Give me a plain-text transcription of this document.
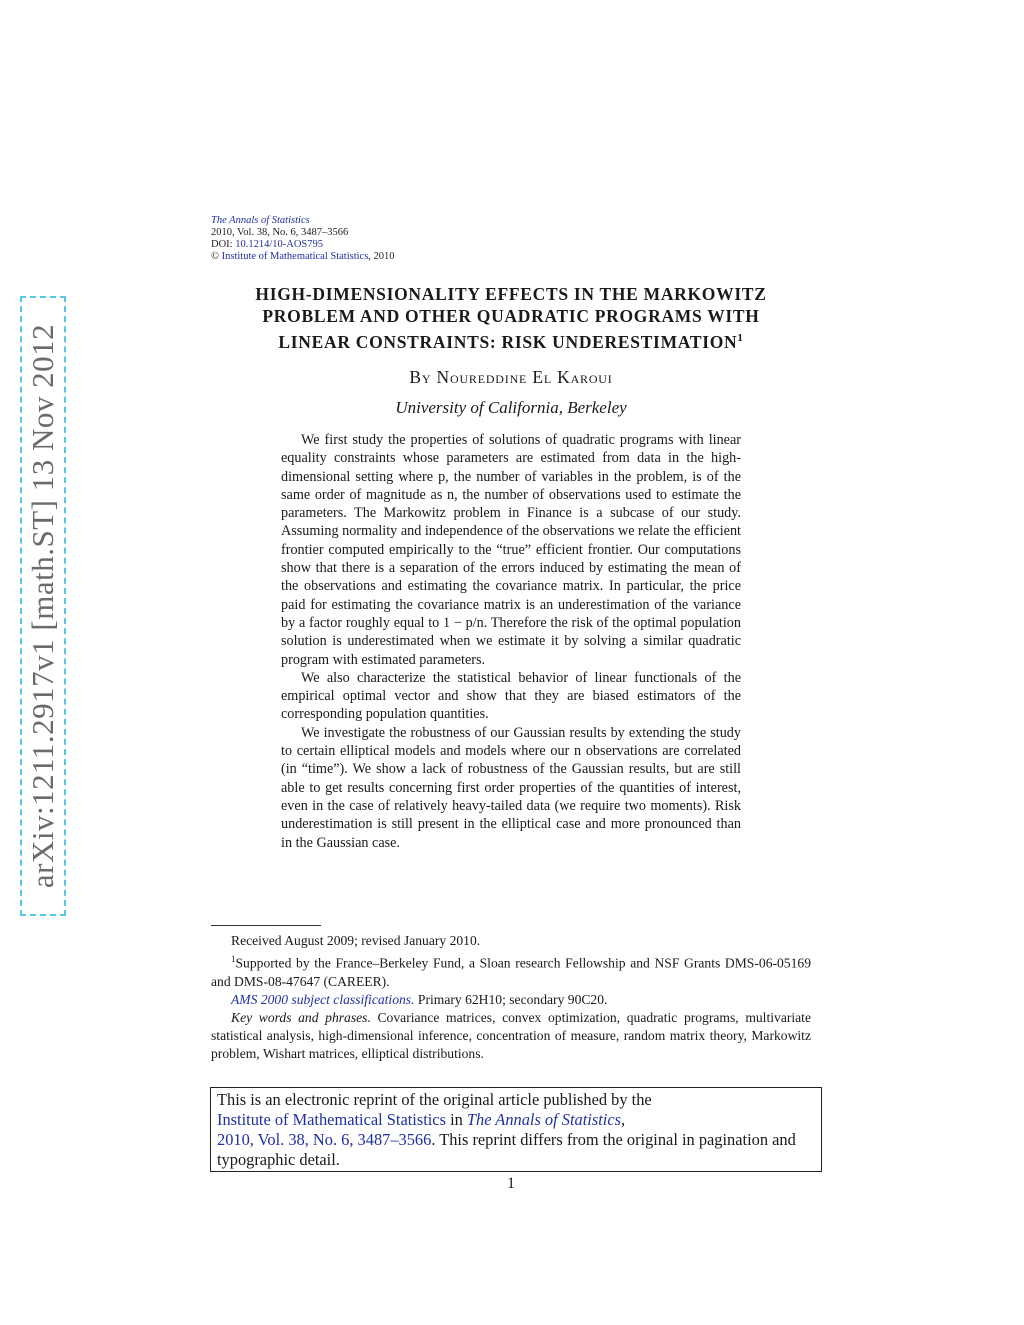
arXiv:1211.2917v1 [math.ST] 13 Nov 2012
The Annals of Statistics
2010, Vol. 38, No. 6, 3487–3566
DOI: 10.1214/10-AOS795
© Institute of Mathematical Statistics, 2010
HIGH-DIMENSIONALITY EFFECTS IN THE MARKOWITZ
PROBLEM AND OTHER QUADRATIC PROGRAMS WITH
LINEAR CONSTRAINTS: RISK UNDERESTIMATION$^1$
By Noureddine El Karoui
University of California, Berkeley

We first study the properties of solutions of quadratic programs with linear equality constraints whose parameters are estimated from data in the high-dimensional setting where p, the number of variables in the problem, is of the same order of magnitude as n, the number of observations used to estimate the parameters. The Markowitz problem in Finance is a subcase of our study. Assuming normality and independence of the observations we relate the efficient frontier computed empirically to the “true” efficient frontier. Our computations show that there is a separation of the errors induced by estimating the mean of the observations and estimating the covariance matrix. In particular, the price paid for estimating the covariance matrix is an underestimation of the variance by a factor roughly equal to 1 − p/n. Therefore the risk of the optimal population solution is underestimated when we estimate it by solving a similar quadratic program with estimated parameters.

We also characterize the statistical behavior of linear functionals of the empirical optimal vector and show that they are biased estimators of the corresponding population quantities.

We investigate the robustness of our Gaussian results by extending the study to certain elliptical models and models where our n observations are correlated (in “time”). We show a lack of robustness of the Gaussian results, but are still able to get results concerning first order properties of the quantities of interest, even in the case of relatively heavy-tailed data (we require two moments). Risk underestimation is still present in the elliptical case and more pronounced than in the Gaussian case.

Received August 2009; revised January 2010.

$^1$Supported by the France–Berkeley Fund, a Sloan research Fellowship and NSF Grants DMS-06-05169 and DMS-08-47647 (CAREER).

AMS 2000 subject classifications. Primary 62H10; secondary 90C20.

Key words and phrases. Covariance matrices, convex optimization, quadratic programs, multivariate statistical analysis, high-dimensional inference, concentration of measure, random matrix theory, Markowitz problem, Wishart matrices, elliptical distributions.

This is an electronic reprint of the original article published by the
Institute of Mathematical Statistics in The Annals of Statistics,
2010, Vol. 38, No. 6, 3487–3566. This reprint differs from the original in pagination and typographic detail.
1
